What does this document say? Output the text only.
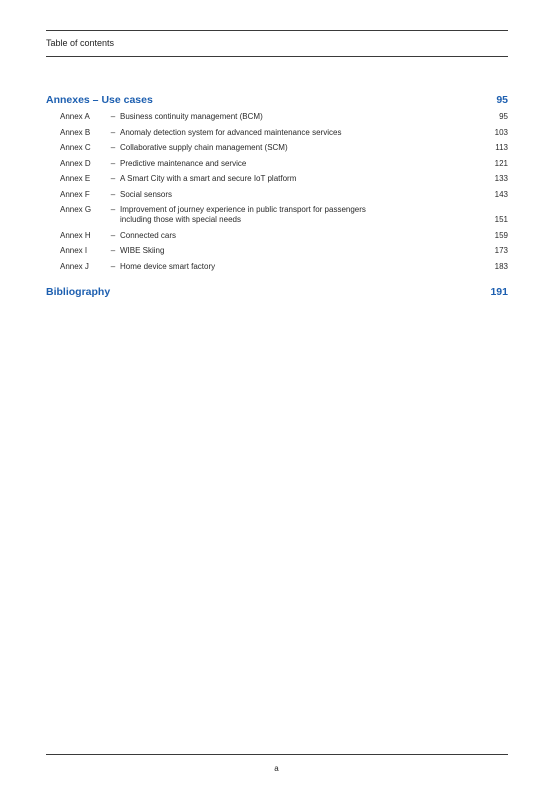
Table of contents
Annexes – Use cases	95
Annex A	– Business continuity management (BCM)	95
Annex B	– Anomaly detection system for advanced maintenance services	103
Annex C	– Collaborative supply chain management (SCM)	113
Annex D	– Predictive maintenance and service	121
Annex E	– A Smart City with a smart and secure IoT platform	133
Annex F	– Social sensors	143
Annex G	– Improvement of journey experience in public transport for passengers
including those with special needs	151
Annex H	– Connected cars	159
Annex I	– WIBE Skiing	173
Annex J	– Home device smart factory	183
Bibliography	191
a
